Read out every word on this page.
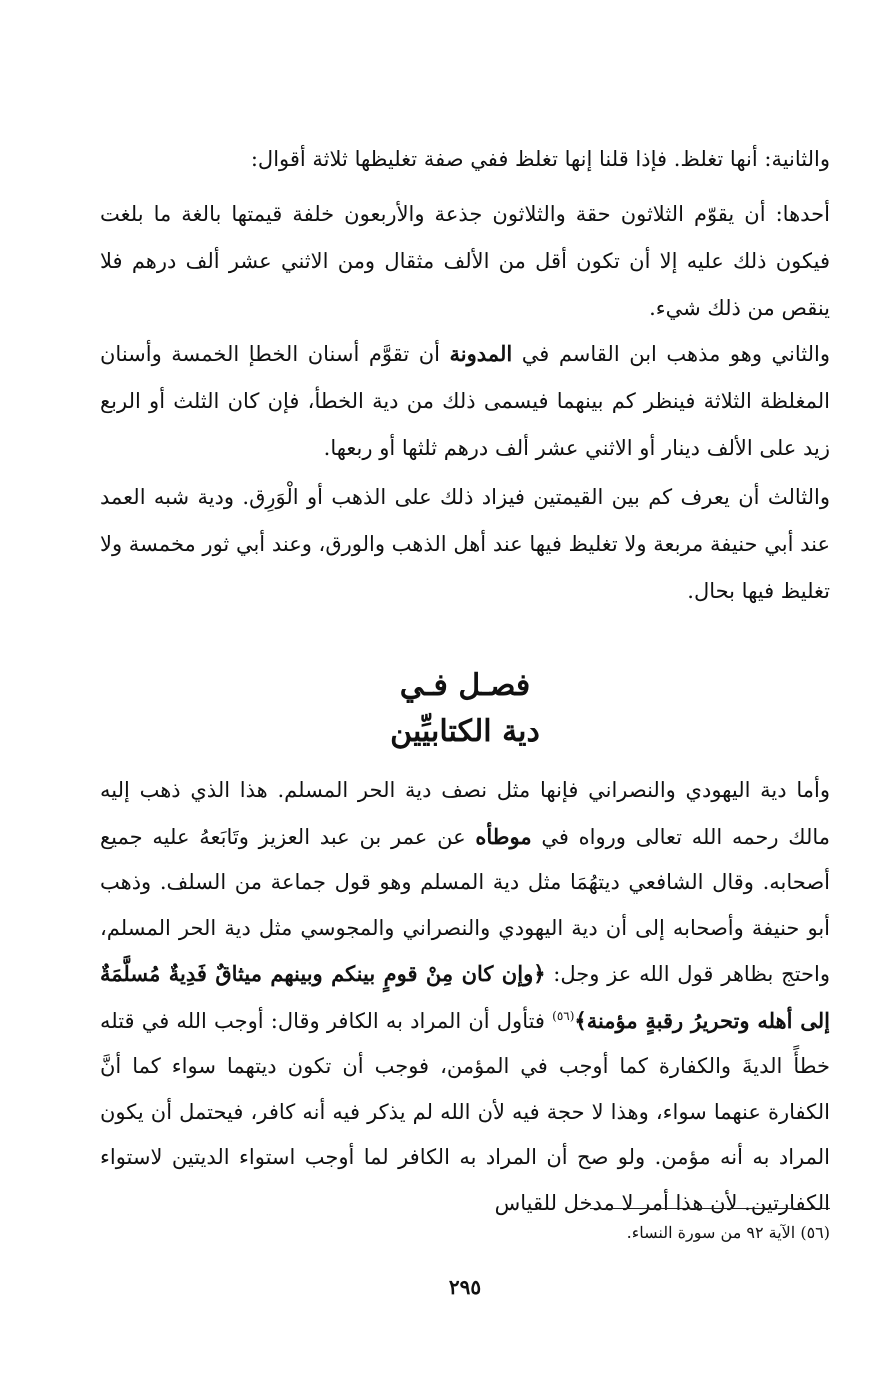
والثانية: أنها تغلظ. فإذا قلنا إنها تغلظ ففي صفة تغليظها ثلاثة أقوال:

أحدها: أن يقوّم الثلاثون حقة والثلاثون جذعة والأربعون خلفة قيمتها بالغة ما بلغت فيكون ذلك عليه إلا أن تكون أقل من الألف مثقال ومن الاثني عشر ألف درهم فلا ينقص من ذلك شيء.

والثاني وهو مذهب ابن القاسم في المدونة أن تقوَّم أسنان الخطإ الخمسة وأسنان المغلظة الثلاثة فينظر كم بينهما فيسمى ذلك من دية الخطأ، فإن كان الثلث أو الربع زيد على الألف دينار أو الاثني عشر ألف درهم ثلثها أو ربعها.

والثالث أن يعرف كم بين القيمتين فيزاد ذلك على الذهب أو الْوَرِق. ودية شبه العمد عند أبي حنيفة مربعة ولا تغليظ فيها عند أهل الذهب والورق، وعند أبي ثور مخمسة ولا تغليظ فيها بحال.

فصـل فـي
دية الكتابيِّين

وأما دية اليهودي والنصراني فإنها مثل نصف دية الحر المسلم. هذا الذي ذهب إليه مالك رحمه الله تعالى ورواه في موطأه عن عمر بن عبد العزيز وتَابَعهُ عليه جميع أصحابه. وقال الشافعي ديتهُمَا مثل دية المسلم وهو قول جماعة من السلف. وذهب أبو حنيفة وأصحابه إلى أن دية اليهودي والنصراني والمجوسي مثل دية الحر المسلم، واحتج بظاهر قول الله عز وجل: ﴿وإن كان مِنْ قومٍ بينكم وبينهم ميثاقٌ فَدِيةٌ مُسلَّمَةٌ إلى أهله وتحريرُ رقبةٍ مؤمنة﴾$^{(٥٦)}$ فتأول أن المراد به الكافر وقال: أوجب الله في قتله خطأً الديةَ والكفارة كما أوجب في المؤمن، فوجب أن تكون ديتهما سواء كما أنَّ الكفارة عنهما سواء، وهذا لا حجة فيه لأن الله لم يذكر فيه أنه كافر، فيحتمل أن يكون المراد به أنه مؤمن. ولو صح أن المراد به الكافر لما أوجب استواء الديتين لاستواء الكفارتين. لأن هذا أمر لا مدخل للقياس

(٥٦) الآية ٩٢ من سورة النساء.

٢٩٥
